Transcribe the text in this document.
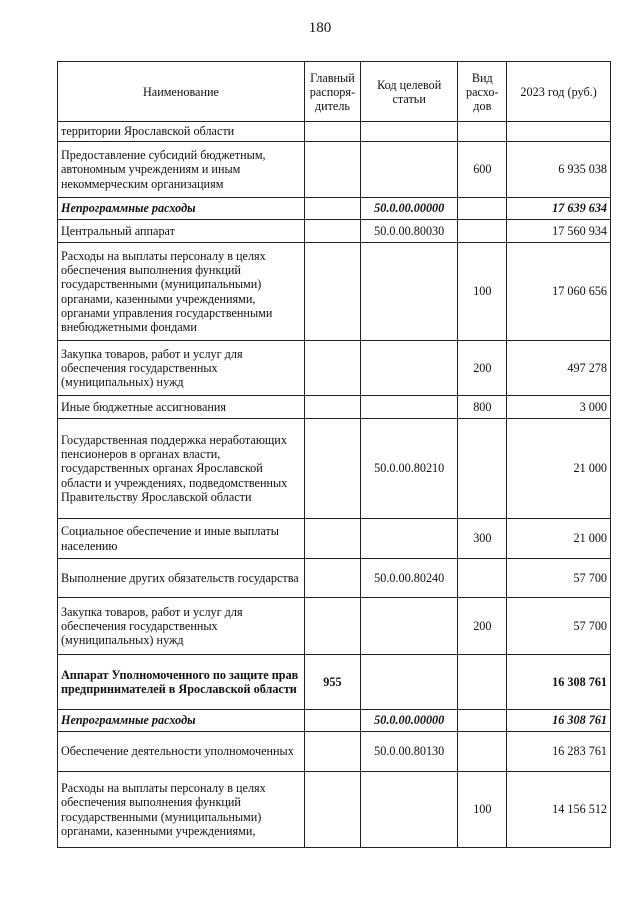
180
Наименование	Главный распоря-дитель	Код целевой статьи	Вид расхо-дов	2023 год (руб.)
территории Ярославской области				
Предоставление субсидий бюджетным, автономным учреждениям и иным некоммерческим организациям			600	6 935 038
Непрограммные расходы		50.0.00.00000		17 639 634
Центральный аппарат		50.0.00.80030		17 560 934
Расходы на выплаты персоналу в целях обеспечения выполнения функций государственными (муниципальными) органами, казенными учреждениями, органами управления государственными внебюджетными фондами			100	17 060 656
Закупка товаров, работ и услуг для обеспечения государственных (муниципальных) нужд			200	497 278
Иные бюджетные ассигнования			800	3 000
Государственная поддержка неработающих пенсионеров в органах власти, государственных органах Ярославской области и учреждениях, подведомственных Правительству Ярославской области		50.0.00.80210		21 000
Социальное обеспечение и иные выплаты населению			300	21 000
Выполнение других обязательств государства		50.0.00.80240		57 700
Закупка товаров, работ и услуг для обеспечения государственных (муниципальных) нужд			200	57 700
Аппарат Уполномоченного по защите прав предпринимателей в Ярославской области	955			16 308 761
Непрограммные расходы		50.0.00.00000		16 308 761
Обеспечение деятельности уполномоченных		50.0.00.80130		16 283 761
Расходы на выплаты персоналу в целях обеспечения выполнения функций государственными (муниципальными) органами, казенными учреждениями,			100	14 156 512
